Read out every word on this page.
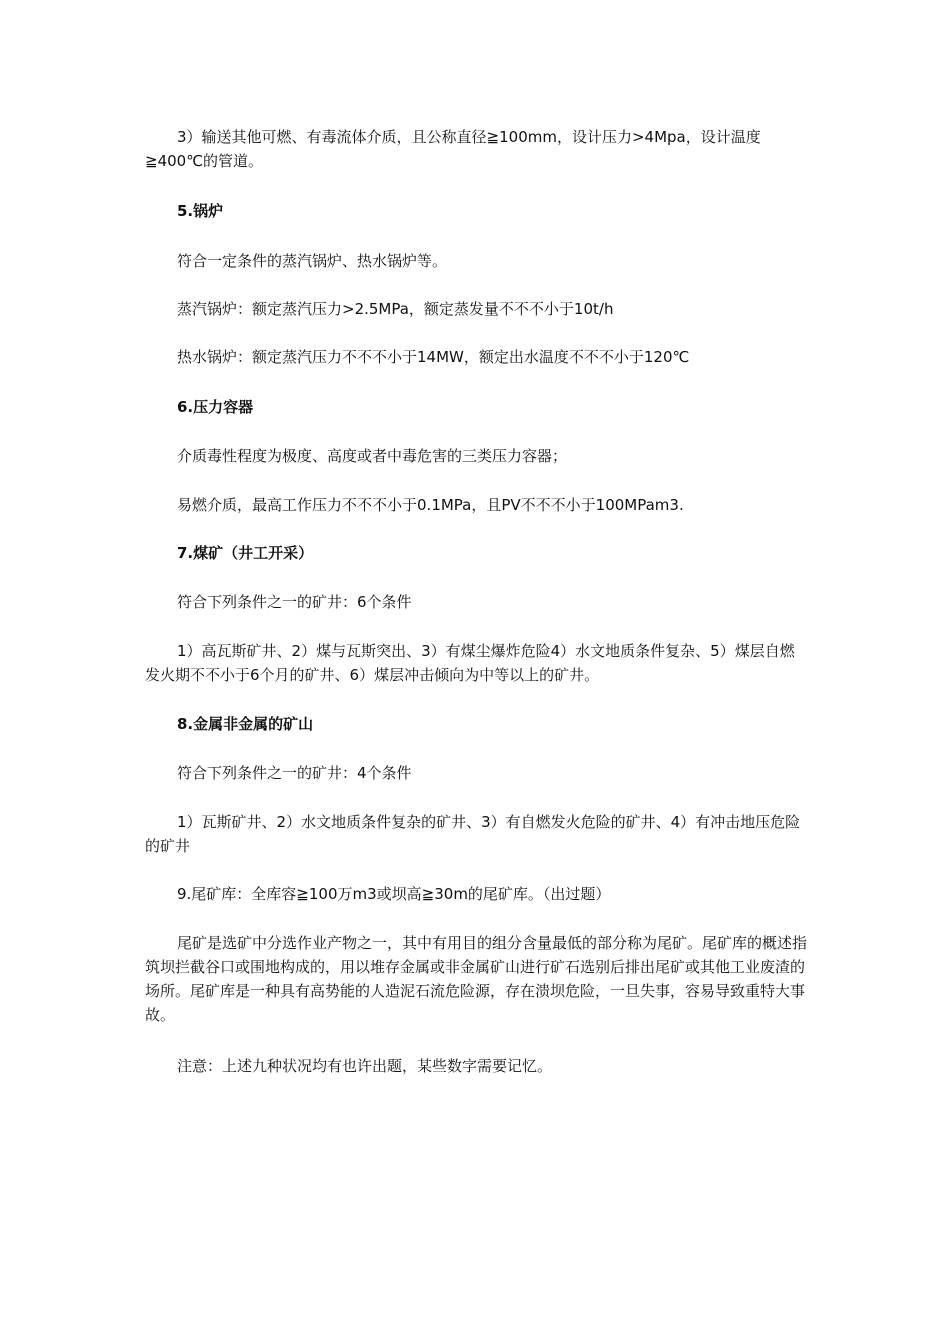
3）输送其他可燃、有毒流体介质，且公称直径≧100mm，设计压力>4Mpa，设计温度≧400℃的管道。

5.锅炉

符合一定条件的蒸汽锅炉、热水锅炉等。

蒸汽锅炉：额定蒸汽压力>2.5MPa，额定蒸发量不不不小于10t/h

热水锅炉：额定蒸汽压力不不不小于14MW，额定出水温度不不不小于120℃

6.压力容器

介质毒性程度为极度、高度或者中毒危害的三类压力容器；

易燃介质，最高工作压力不不不小于0.1MPa，且PV不不不小于100MPam3.

7.煤矿（井工开采）

符合下列条件之一的矿井：6个条件

1）高瓦斯矿井、2）煤与瓦斯突出、3）有煤尘爆炸危险4）水文地质条件复杂、5）煤层自燃发火期不不小于6个月的矿井、6）煤层冲击倾向为中等以上的矿井。

8.金属非金属的矿山

符合下列条件之一的矿井：4个条件

1）瓦斯矿井、2）水文地质条件复杂的矿井、3）有自燃发火危险的矿井、4）有冲击地压危险的矿井

9.尾矿库：全库容≧100万m3或坝高≧30m的尾矿库。（出过题）

尾矿是选矿中分选作业产物之一，其中有用目的组分含量最低的部分称为尾矿。尾矿库的概述指筑坝拦截谷口或围地构成的，用以堆存金属或非金属矿山进行矿石选别后排出尾矿或其他工业废渣的场所。尾矿库是一种具有高势能的人造泥石流危险源，存在溃坝危险，一旦失事，容易导致重特大事故。

注意：上述九种状况均有也许出题，某些数字需要记忆。
